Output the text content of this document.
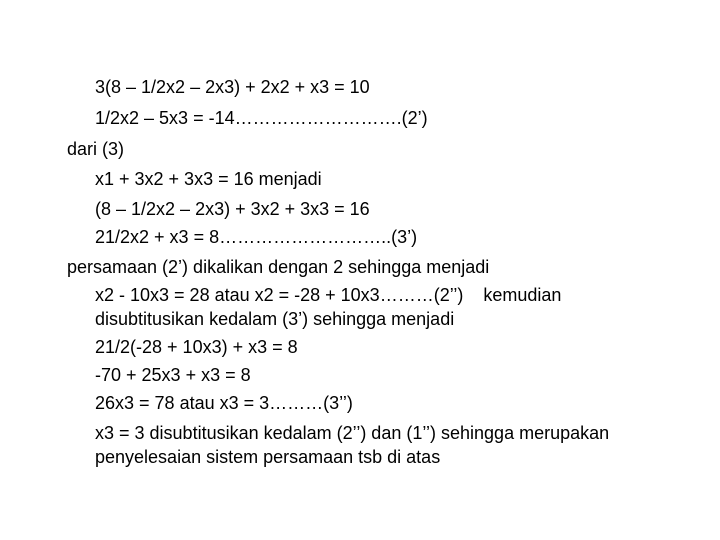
3(8 – 1/2x2 – 2x3) + 2x2 + x3 = 10
1/2x2 – 5x3 = -14……………………….(2’)
dari (3)
x1 + 3x2 + 3x3 = 16 menjadi
(8 – 1/2x2 – 2x3) + 3x2 + 3x3 = 16
21/2x2 + x3 = 8………………………..(3’)
persamaan (2’) dikalikan dengan 2 sehingga menjadi
x2 - 10x3 = 28 atau x2 = -28 + 10x3………(2’’) kemudian
disubtitusikan kedalam (3’) sehingga menjadi
21/2(-28 + 10x3) + x3 = 8
-70 + 25x3 + x3 = 8
26x3 = 78 atau x3 = 3………(3’’)
x3 = 3 disubtitusikan kedalam (2’’) dan (1’’) sehingga merupakan
penyelesaian sistem persamaan tsb di atas
